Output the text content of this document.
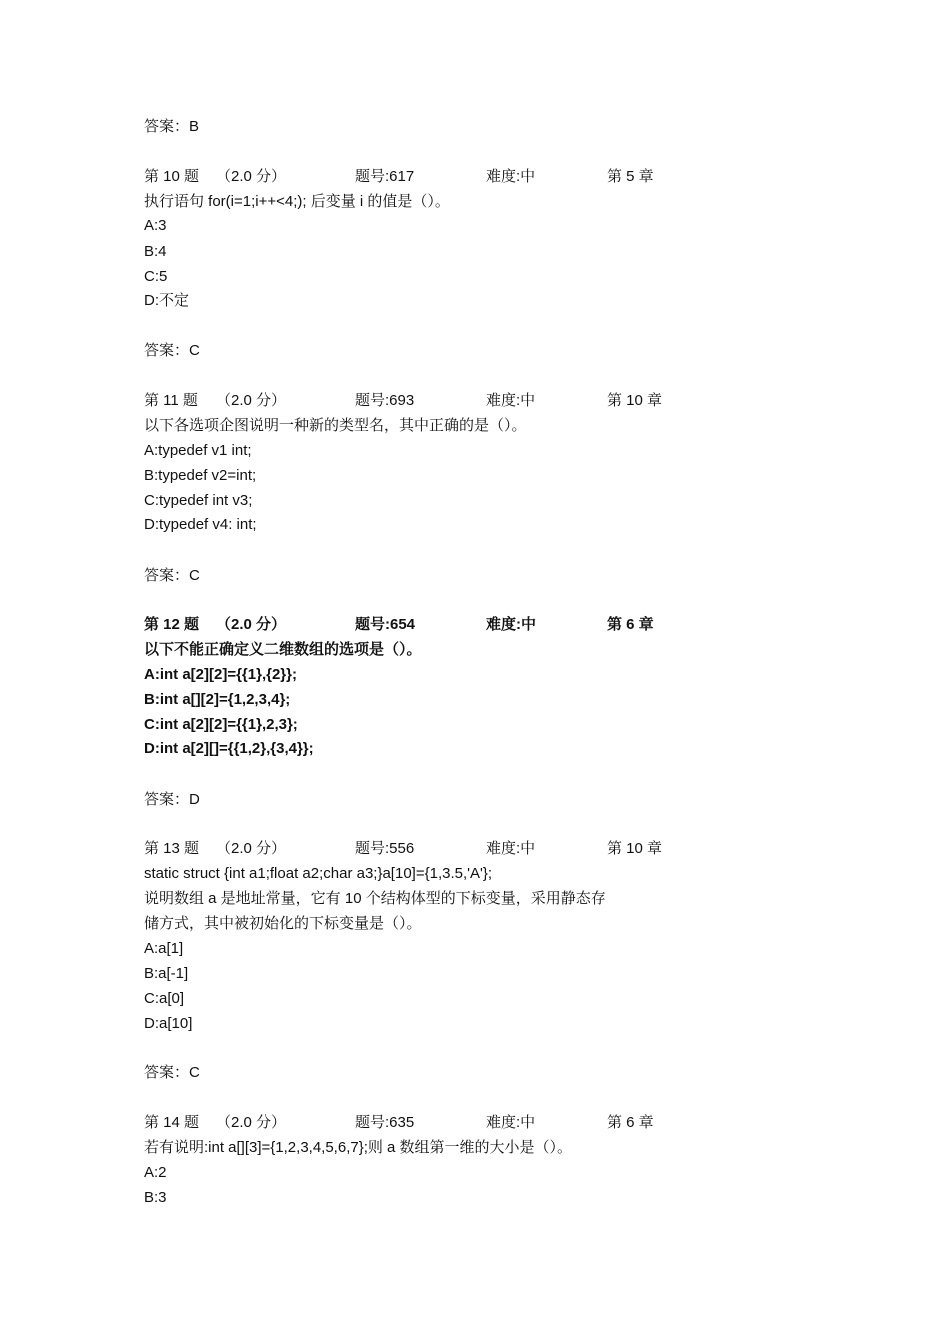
答案：B
第 10 题 （2.0 分）	题号:617	难度:中	第 5 章
执行语句 for(i=1;i++<4;); 后变量 i 的值是（）。
A:3
B:4
C:5
D:不定
答案：C
第 11 题 （2.0 分）	题号:693	难度:中	第 10 章
以下各选项企图说明一种新的类型名，其中正确的是（）。
A:typedef v1 int;
B:typedef v2=int;
C:typedef int v3;
D:typedef v4: int;
答案：C
第 12 题 （2.0 分）	题号:654	难度:中	第 6 章
以下不能正确定义二维数组的选项是（）。
A:int a[2][2]={{1},{2}};
B:int a[][2]={1,2,3,4};
C:int a[2][2]={{1},2,3};
D:int a[2][]={{1,2},{3,4}};
答案：D
第 13 题 （2.0 分）	题号:556	难度:中	第 10 章
static struct {int a1;float a2;char a3;}a[10]={1,3.5,'A'};
说明数组 a 是地址常量，它有 10 个结构体型的下标变量，采用静态存
储方式，其中被初始化的下标变量是（）。
A:a[1]
B:a[-1]
C:a[0]
D:a[10]
答案：C
第 14 题 （2.0 分）	题号:635	难度:中	第 6 章
若有说明:int a[][3]={1,2,3,4,5,6,7};则 a 数组第一维的大小是（）。
A:2
B:3
